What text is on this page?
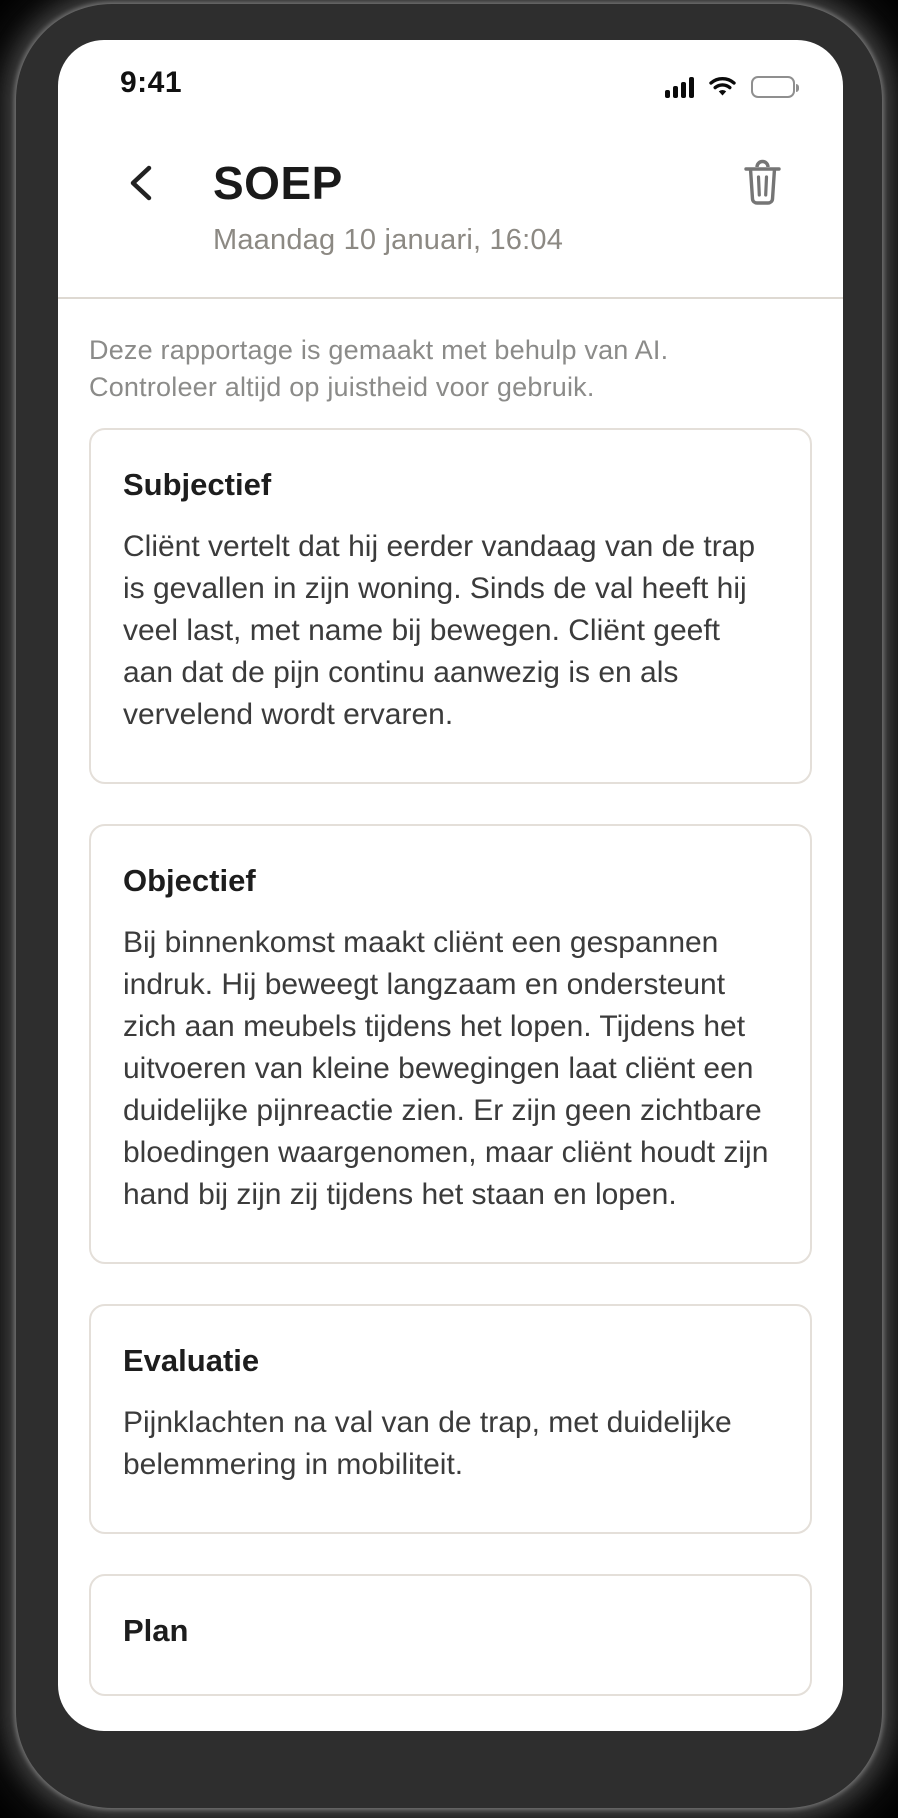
9:41
SOEP
Maandag 10 januari, 16:04

Deze rapportage is gemaakt met behulp van AI. Controleer altijd op juistheid voor gebruik.

Subjectief

Cliënt vertelt dat hij eerder vandaag van de trap is gevallen in zijn woning. Sinds de val heeft hij veel last, met name bij bewegen. Cliënt geeft aan dat de pijn continu aanwezig is en als vervelend wordt ervaren.

Objectief

Bij binnenkomst maakt cliënt een gespannen indruk. Hij beweegt langzaam en ondersteunt zich aan meubels tijdens het lopen. Tijdens het uitvoeren van kleine bewegingen laat cliënt een duidelijke pijnreactie zien. Er zijn geen zichtbare bloedingen waargenomen, maar cliënt houdt zijn hand bij zijn zij tijdens het staan en lopen.

Evaluatie

Pijnklachten na val van de trap, met duidelijke belemmering in mobiliteit.

Plan
